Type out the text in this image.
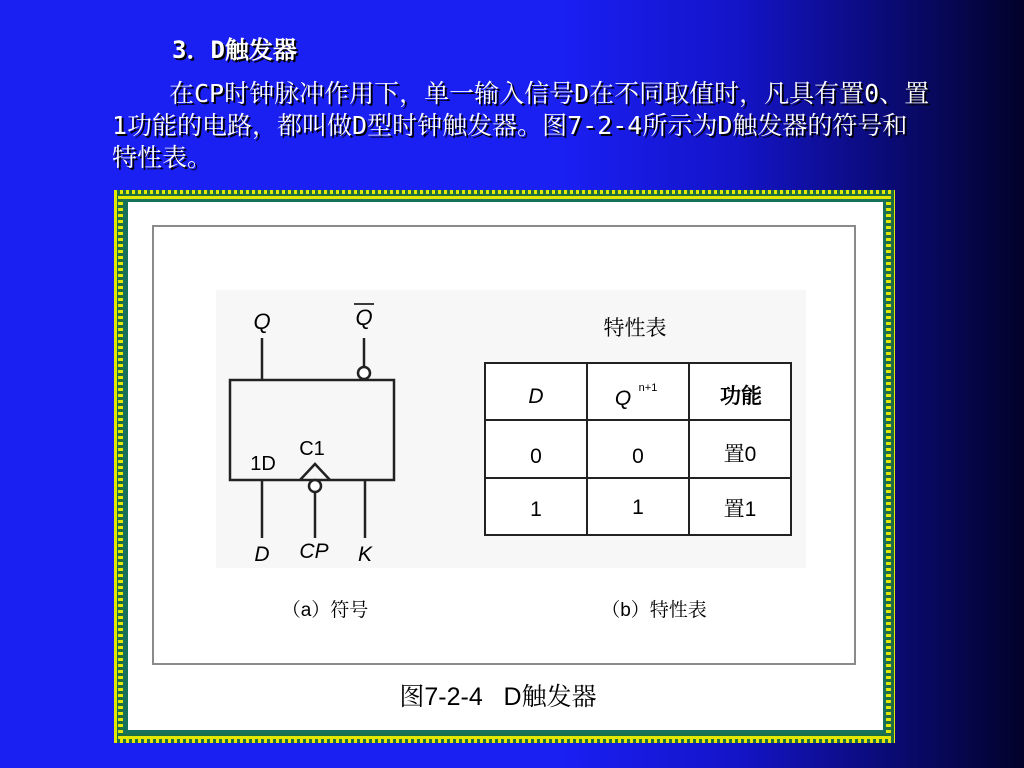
3．D触发器
在CP时钟脉冲作用下，单一输入信号D在不同取值时，凡具有置0、置1功能的电路，都叫做D型时钟触发器。图7-2-4所示为D触发器的符号和特性表。
Q	Q
1D
C1
D CP K
特性表
D	Q n+1	功能
0	0	置0
1	1	置1
（a）符号	（b）特性表
图7-2-4   D触发器
